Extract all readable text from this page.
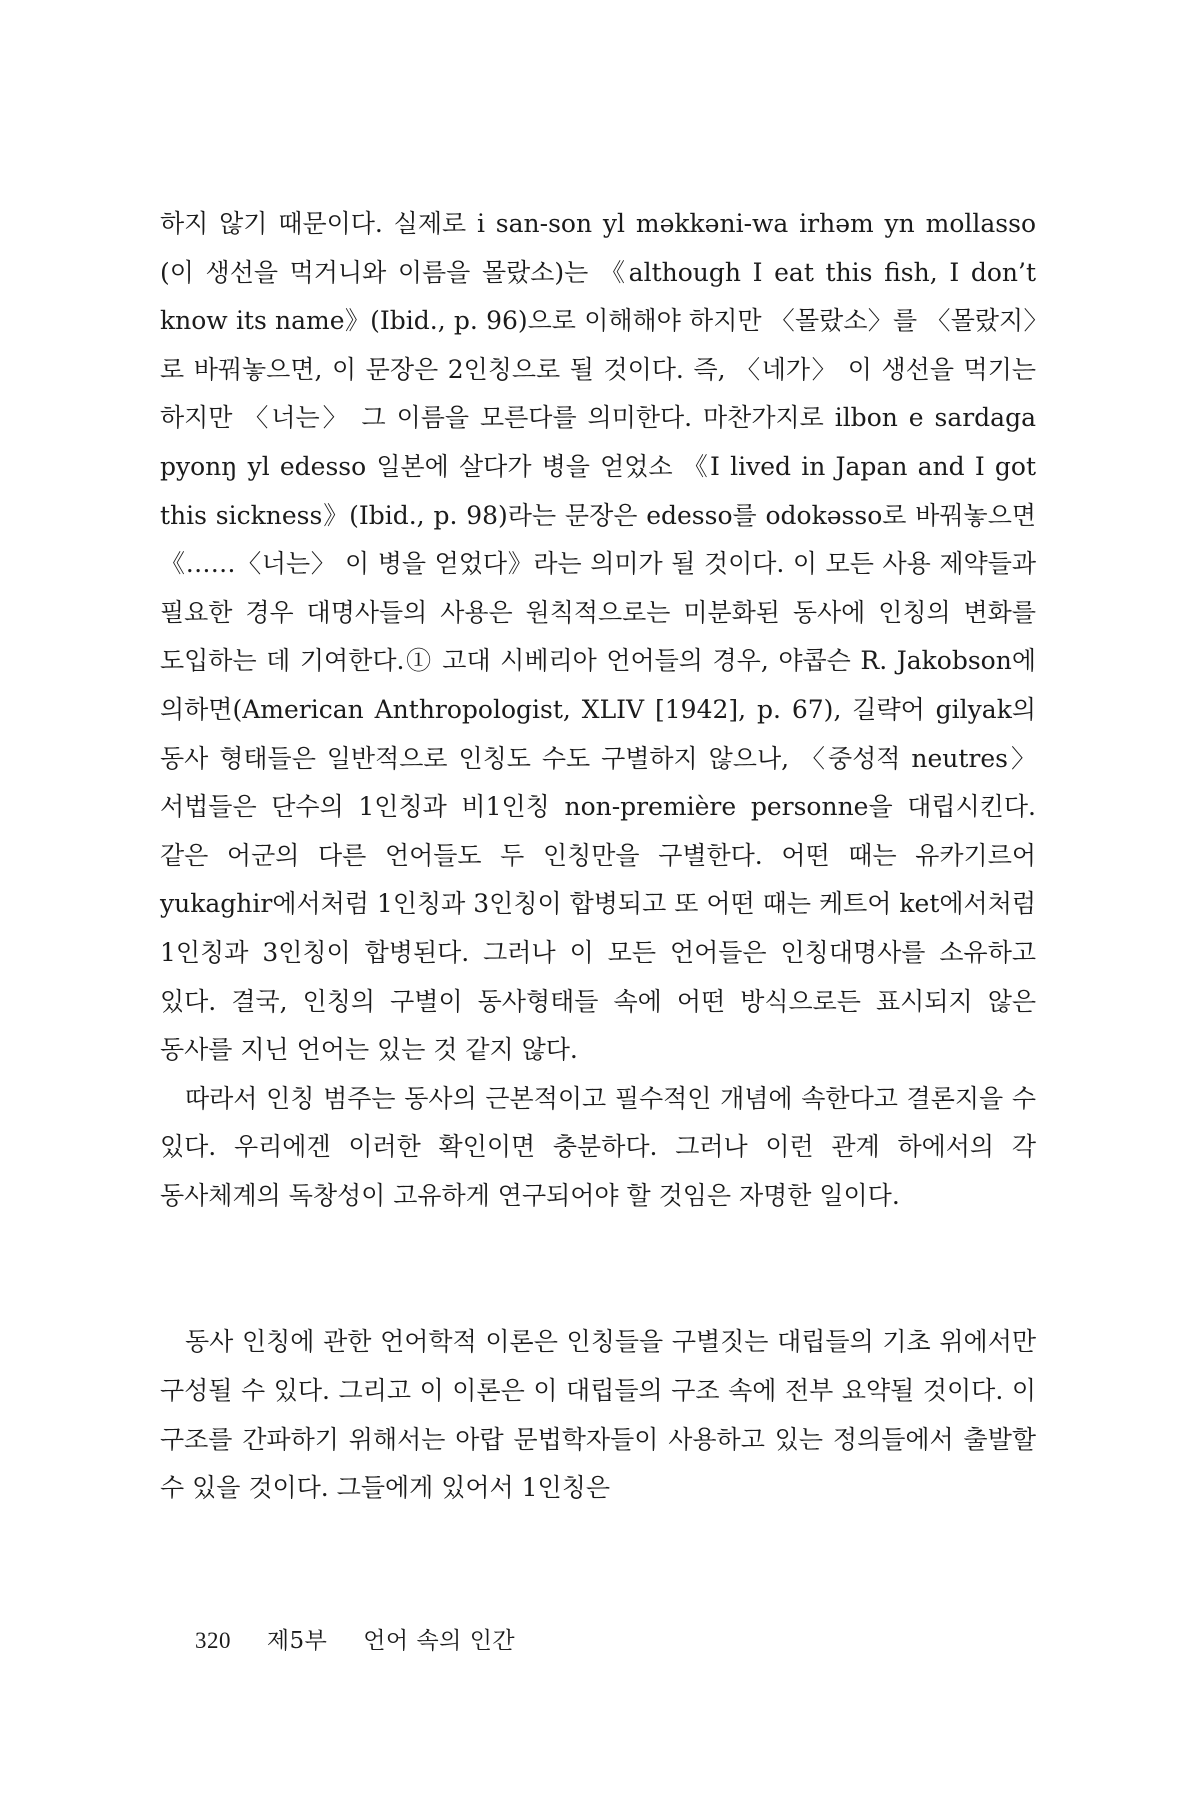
하지 않기 때문이다. 실제로 i san-son yl məkkəni-wa irhəm yn mollasso (이 생선을 먹거니와 이름을 몰랐소)는 《although I eat this fish, I don’t know its name》(Ibid., p. 96)으로 이해해야 하지만 〈몰랐소〉를 〈몰랐지〉로 바꿔놓으면, 이 문장은 2인칭으로 될 것이다. 즉, 〈네가〉 이 생선을 먹기는 하지만 〈너는〉 그 이름을 모른다를 의미한다. 마찬가지로 ilbon e sardaga pyonŋ yl edesso 일본에 살다가 병을 얻었소 《I lived in Japan and I got this sickness》(Ibid., p. 98)라는 문장은 edesso를 odokəsso로 바꿔놓으면 《……〈너는〉 이 병을 얻었다》라는 의미가 될 것이다. 이 모든 사용 제약들과 필요한 경우 대명사들의 사용은 원칙적으로는 미분화된 동사에 인칭의 변화를 도입하는 데 기여한다.① 고대 시베리아 언어들의 경우, 야콥슨 R. Jakobson에 의하면(American Anthropologist, XLIV [1942], p. 67), 길략어 gilyak의 동사 형태들은 일반적으로 인칭도 수도 구별하지 않으나, 〈중성적 neutres〉 서법들은 단수의 1인칭과 비1인칭 non-première personne을 대립시킨다. 같은 어군의 다른 언어들도 두 인칭만을 구별한다. 어떤 때는 유카기르어 yukaghir에서처럼 1인칭과 3인칭이 합병되고 또 어떤 때는 케트어 ket에서처럼 1인칭과 3인칭이 합병된다. 그러나 이 모든 언어들은 인칭대명사를 소유하고 있다. 결국, 인칭의 구별이 동사형태들 속에 어떤 방식으로든 표시되지 않은 동사를 지닌 언어는 있는 것 같지 않다.

따라서 인칭 범주는 동사의 근본적이고 필수적인 개념에 속한다고 결론지을 수 있다. 우리에겐 이러한 확인이면 충분하다. 그러나 이런 관계 하에서의 각 동사체계의 독창성이 고유하게 연구되어야 할 것임은 자명한 일이다.

동사 인칭에 관한 언어학적 이론은 인칭들을 구별짓는 대립들의 기초 위에서만 구성될 수 있다. 그리고 이 이론은 이 대립들의 구조 속에 전부 요약될 것이다. 이 구조를 간파하기 위해서는 아랍 문법학자들이 사용하고 있는 정의들에서 출발할 수 있을 것이다. 그들에게 있어서 1인칭은

320 제5부 언어 속의 인간
